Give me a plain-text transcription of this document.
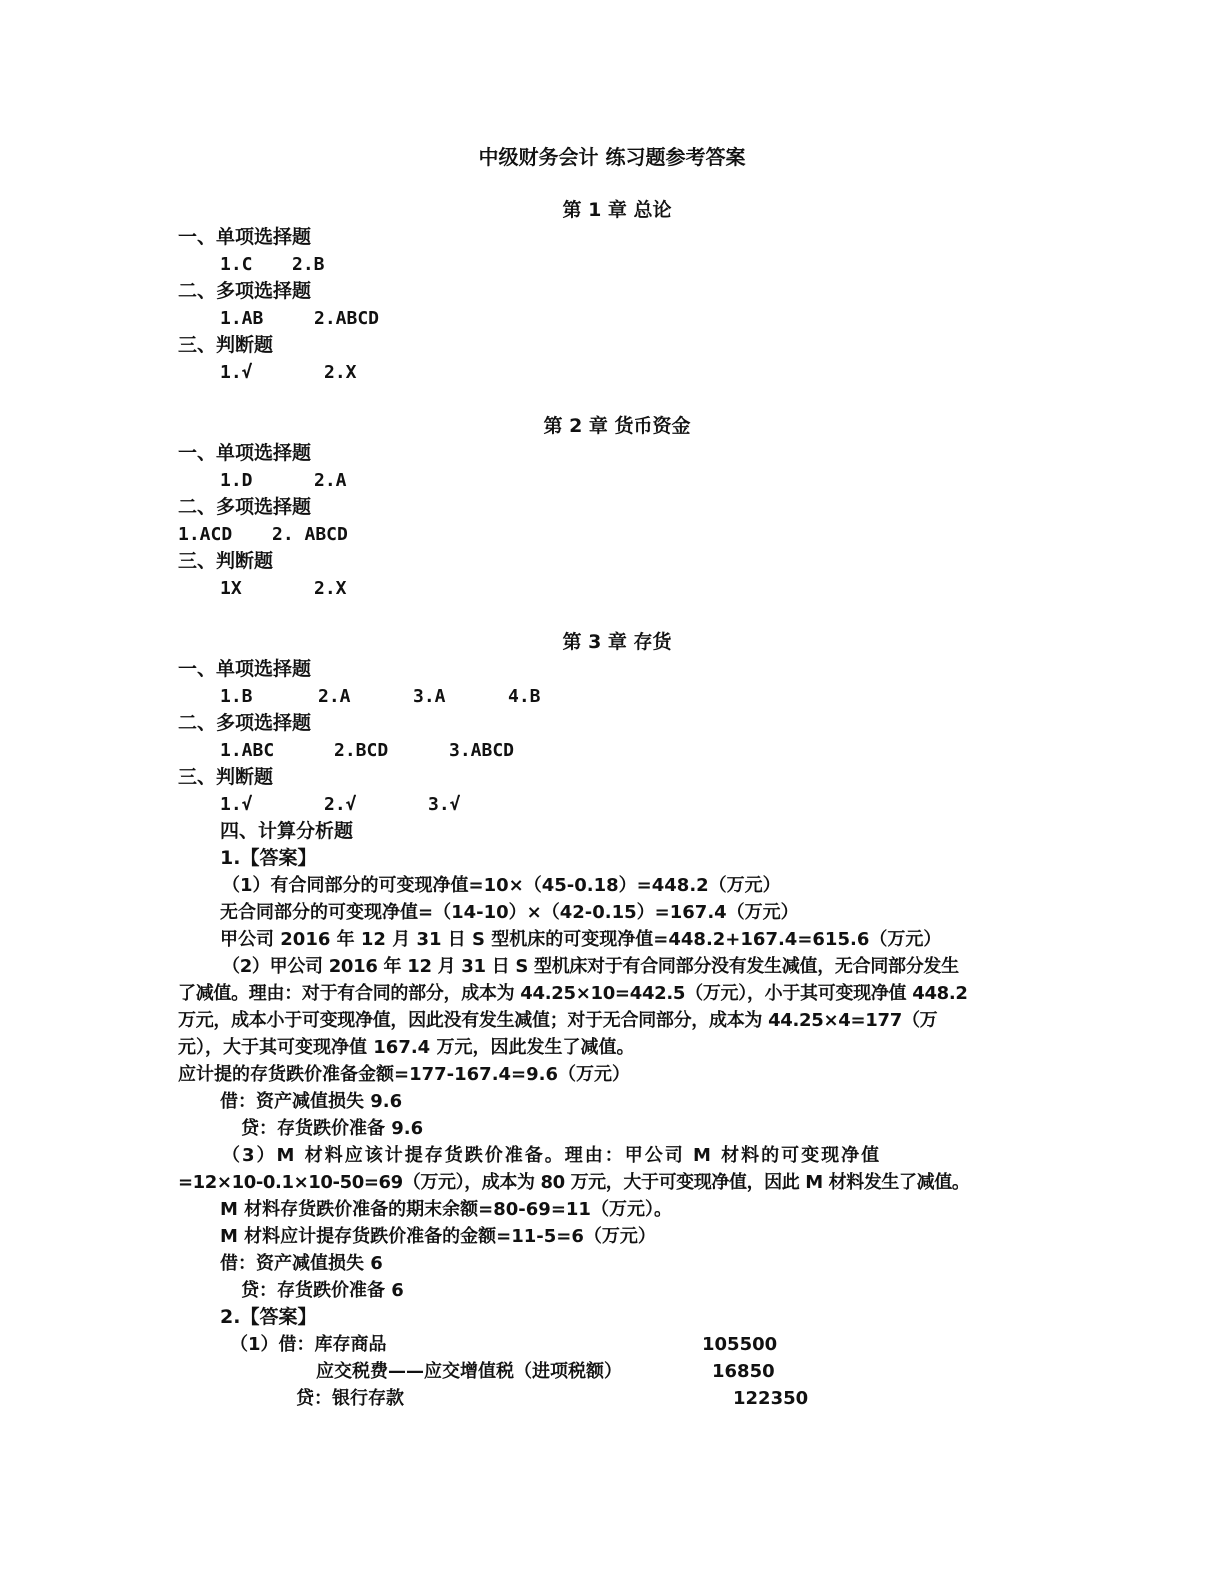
中级财务会计 练习题参考答案
第 1 章 总论
一、单项选择题
1.C 2.B
二、多项选择题
1.AB	2.ABCD
三、判断题
1.√	2.X
第 2 章 货币资金
一、单项选择题
1.D	2.A
二、多项选择题
1.ACD 2. ABCD
三、判断题
1X	2.X
第 3 章 存货
一、单项选择题
1.B	2.A	3.A	4.B
二、多项选择题
1.ABC	2.BCD	3.ABCD
三、判断题
1.√	2.√	3.√
四、计算分析题
1.【答案】
（1）有合同部分的可变现净值=10×（45-0.18）=448.2（万元）
无合同部分的可变现净值=（14-10）×（42-0.15）=167.4（万元）
甲公司 2016 年 12 月 31 日 S 型机床的可变现净值=448.2+167.4=615.6（万元）
（2）甲公司 2016 年 12 月 31 日 S 型机床对于有合同部分没有发生减值，无合同部分发生
了减值。理由：对于有合同的部分，成本为 44.25×10=442.5（万元），小于其可变现净值 448.2
万元，成本小于可变现净值，因此没有发生减值；对于无合同部分，成本为 44.25×4=177（万
元），大于其可变现净值 167.4 万元，因此发生了减值。
应计提的存货跌价准备金额=177-167.4=9.6（万元）
借：资产减值损失 9.6
贷：存货跌价准备 9.6
（3）M 材料应该计提存货跌价准备。理由：甲公司 M 材料的可变现净值
=12×10-0.1×10-50=69（万元），成本为 80 万元，大于可变现净值，因此 M 材料发生了减值。
M 材料存货跌价准备的期末余额=80-69=11（万元）。
M 材料应计提存货跌价准备的金额=11-5=6（万元）
借：资产减值损失 6
贷：存货跌价准备 6
2.【答案】
（1）借：库存商品	105500
应交税费——应交增值税（进项税额）	16850
贷：银行存款	122350
